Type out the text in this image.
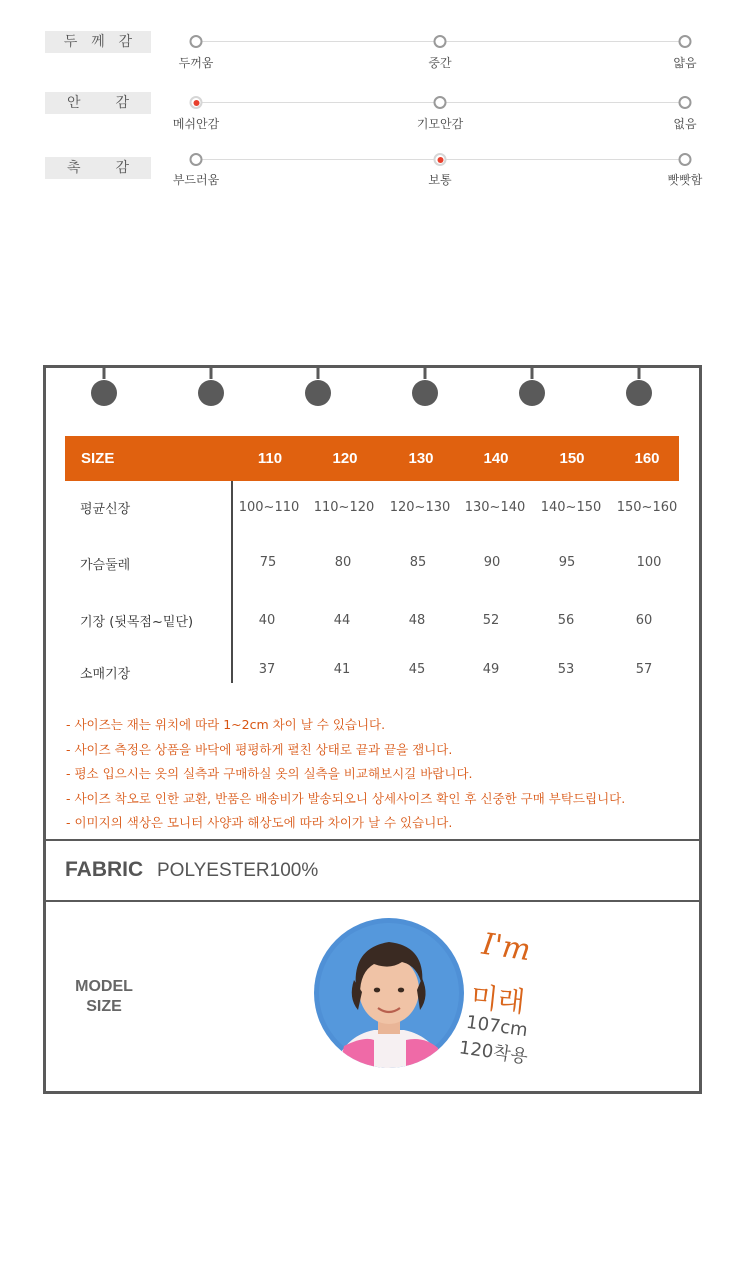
두 께 감
두꺼움	중간	얇음
안 감
메쉬안감	기모안감	없음
촉 감
부드러움	보통	빳빳함
SIZE	110	120	130	140	150	160
평균신장	100~110 110~120 120~130 130~140 140~150 150~160
가슴둘레	75	80	85	90	95	100
기장 (뒷목점~밑단)	40	44	48	52	56	60
소매기장	37	41	45	49	53	57
- 사이즈는 재는 위치에 따라 1~2cm 차이 날 수 있습니다.
- 사이즈 측정은 상품을 바닥에 평평하게 펼친 상태로 끝과 끝을 잽니다.
- 평소 입으시는 옷의 실측과 구매하실 옷의 실측을 비교해보시길 바랍니다.
- 사이즈 착오로 인한 교환, 반품은 배송비가 발송되오니 상세사이즈 확인 후 신중한 구매 부탁드립니다.
- 이미지의 색상은 모니터 사양과 해상도에 따라 차이가 날 수 있습니다.
FABRIC POLYESTER100%
MODEL
SIZE
I'm
미래
107cm
120착용
